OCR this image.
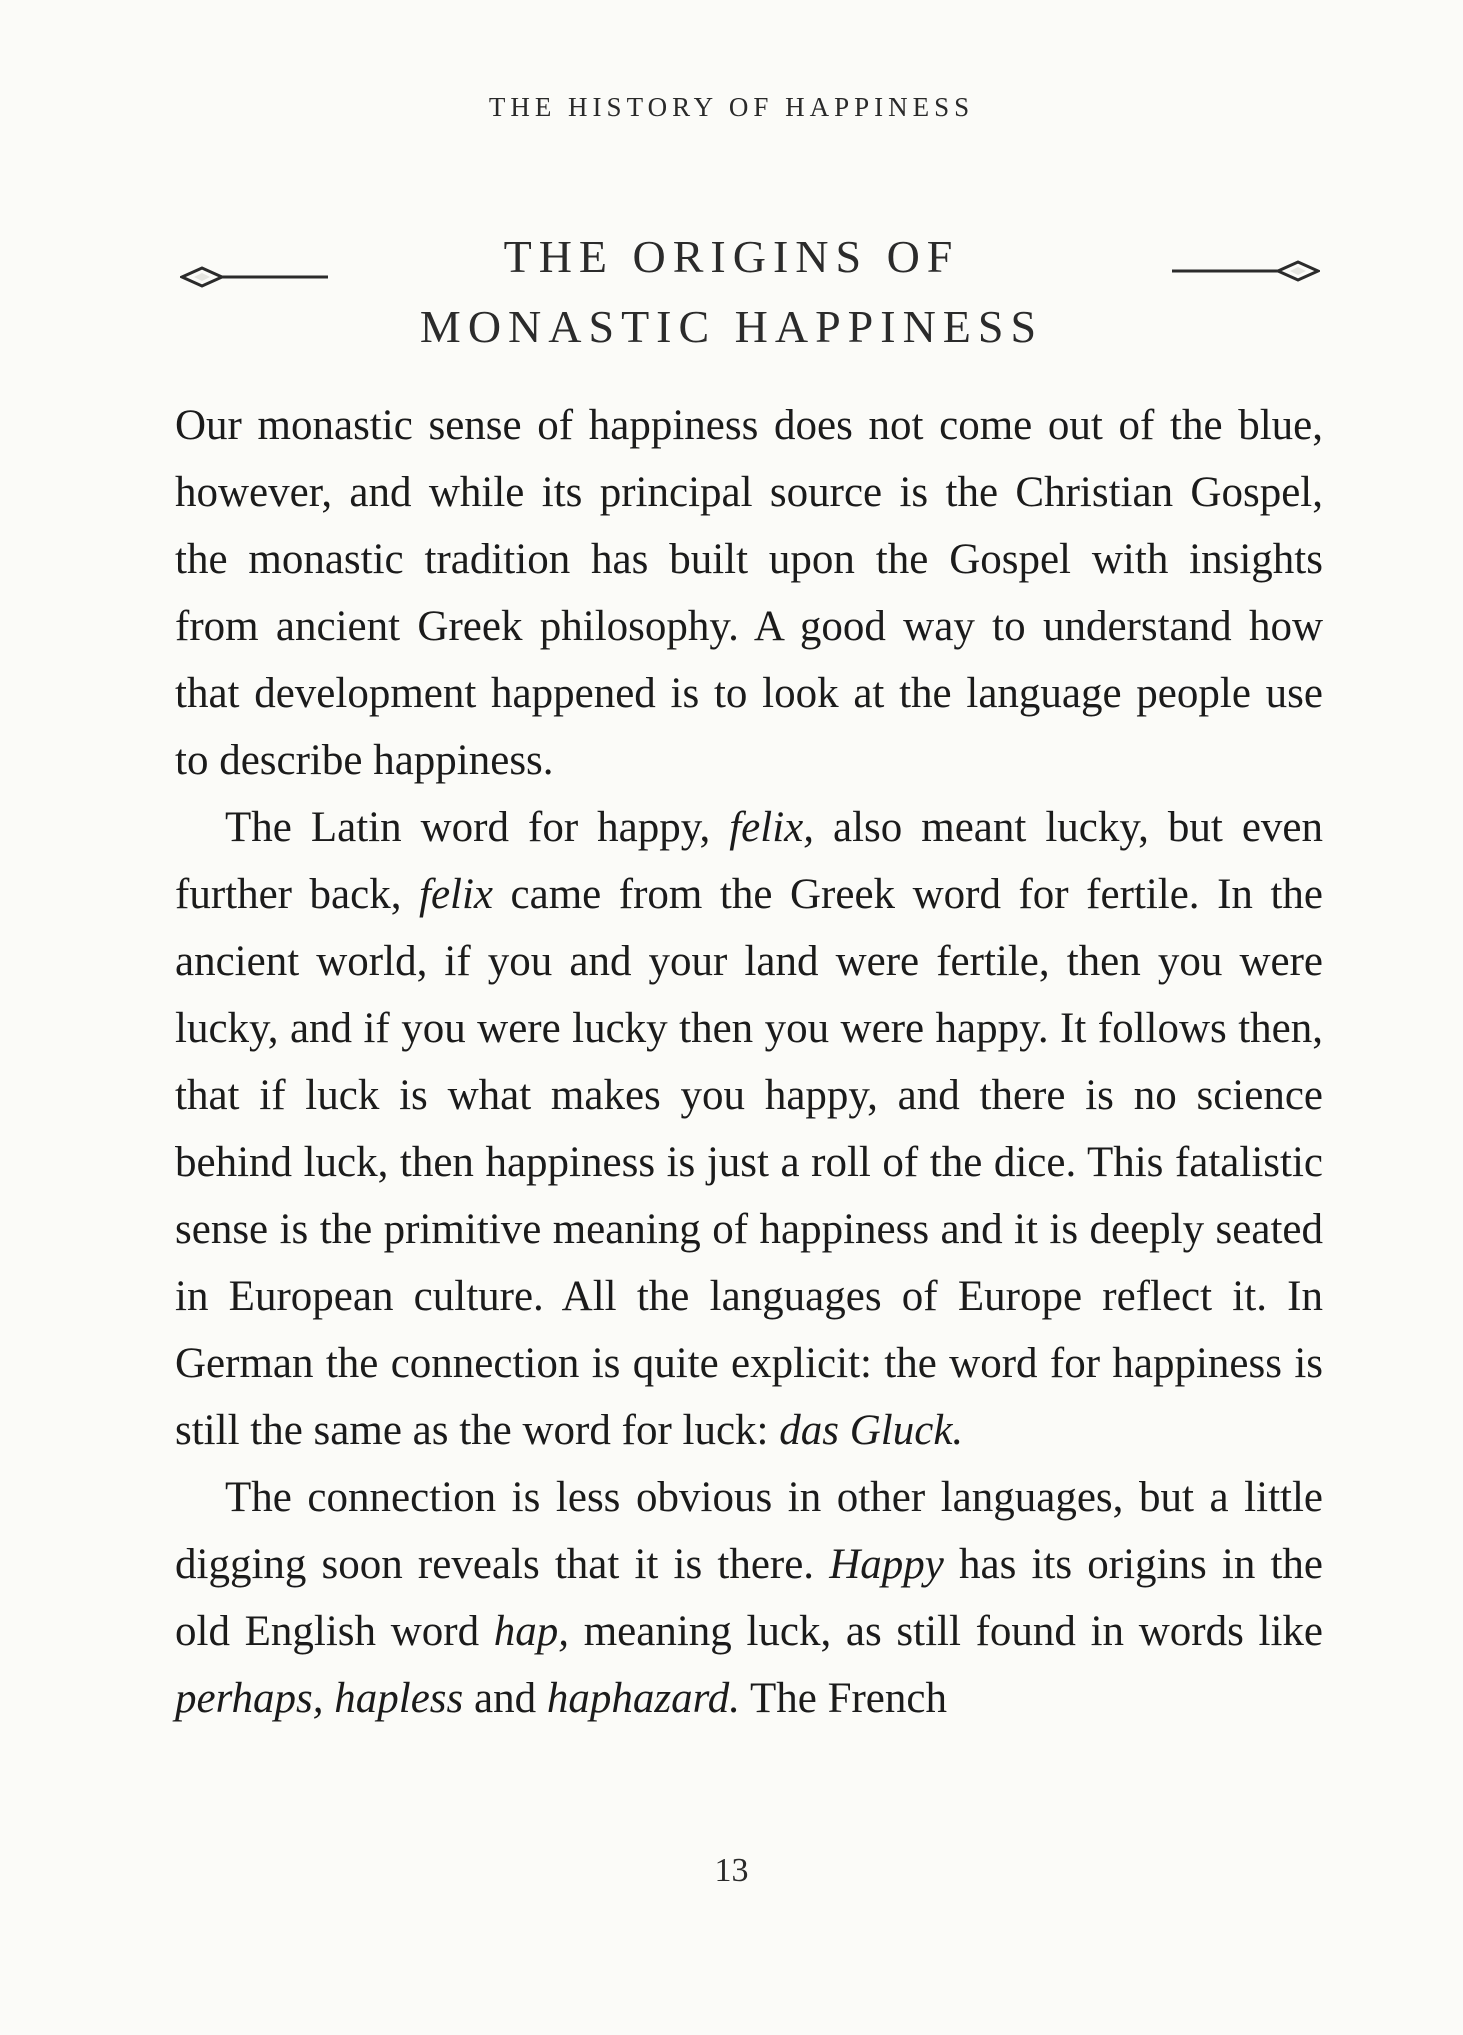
THE HISTORY OF HAPPINESS
THE ORIGINS OF
MONASTIC HAPPINESS

Our monastic sense of happiness does not come out of the blue, however, and while its principal source is the Christian Gospel, the monastic tradition has built upon the Gospel with insights from ancient Greek philosophy. A good way to understand how that development happened is to look at the language people use to describe happiness.

The Latin word for happy, felix, also meant lucky, but even further back, felix came from the Greek word for fertile. In the ancient world, if you and your land were fertile, then you were lucky, and if you were lucky then you were happy. It follows then, that if luck is what makes you happy, and there is no science behind luck, then happiness is just a roll of the dice. This fatalistic sense is the primitive meaning of happiness and it is deeply seated in European culture. All the languages of Europe reflect it. In German the connection is quite explicit: the word for happiness is still the same as the word for luck: das Gluck.

The connection is less obvious in other languages, but a little digging soon reveals that it is there. Happy has its origins in the old English word hap, meaning luck, as still found in words like perhaps, hapless and haphazard. The French

13
